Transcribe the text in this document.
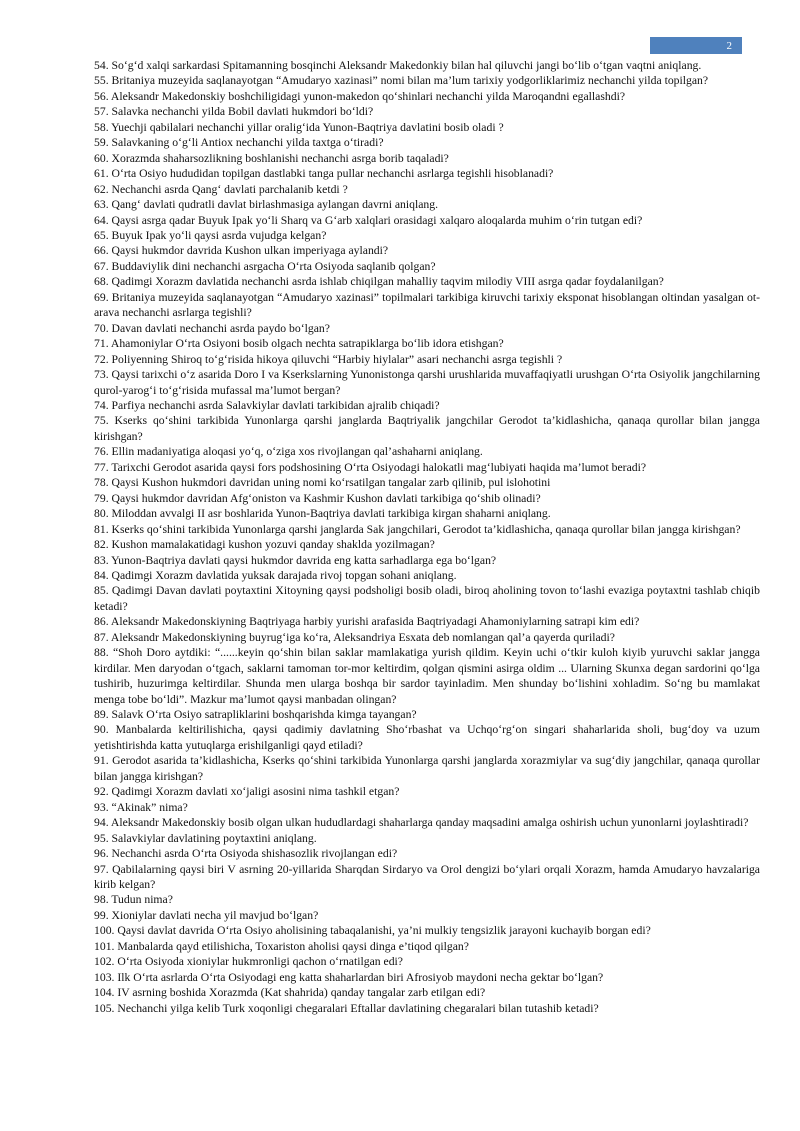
2

54. So‘g‘d xalqi sarkardasi Spitamanning bosqinchi Aleksandr Makedonkiy bilan hal qiluvchi jangi bo‘lib o‘tgan vaqtni aniqlang.

55. Britaniya muzeyida saqlanayotgan “Amudaryo xazinasi” nomi bilan ma’lum tarixiy yodgorliklarimiz nechanchi yilda topilgan?

56. Aleksandr Makedonskiy boshchiligidagi yunon-makedon qo‘shinlari nechanchi yilda Maroqandni egallashdi?

57. Salavka nechanchi yilda Bobil davlati hukmdori bo‘ldi?

58. Yuechji qabilalari nechanchi yillar oralig‘ida Yunon-Baqtriya davlatini bosib oladi ?

59. Salavkaning o‘g‘li Antiox nechanchi yilda taxtga o‘tiradi?

60. Xorazmda shaharsozlikning boshlanishi nechanchi asrga borib taqaladi?

61. O‘rta Osiyo hududidan topilgan dastlabki tanga pullar nechanchi asrlarga tegishli hisoblanadi?

62. Nechanchi asrda Qang‘ davlati parchalanib ketdi ?

63. Qang‘ davlati qudratli davlat birlashmasiga aylangan davrni aniqlang.

64. Qaysi asrga qadar Buyuk Ipak yo‘li Sharq va G‘arb xalqlari orasidagi xalqaro aloqalarda muhim o‘rin tutgan edi?

65. Buyuk Ipak yo‘li qaysi asrda vujudga kelgan?

66. Qaysi hukmdor davrida Kushon ulkan imperiyaga aylandi?

67. Buddaviylik dini nechanchi asrgacha O‘rta Osiyoda saqlanib qolgan?

68. Qadimgi Xorazm davlatida nechanchi asrda ishlab chiqilgan mahalliy taqvim milodiy VIII asrga qadar foydalanilgan?

69. Britaniya muzeyida saqlanayotgan “Amudaryo xazinasi” topilmalari tarkibiga kiruvchi tarixiy eksponat hisoblangan oltindan yasalgan ot-arava nechanchi asrlarga tegishli?

70. Davan davlati nechanchi asrda paydo bo‘lgan?

71. Ahamoniylar O‘rta Osiyoni bosib olgach nechta satrapiklarga bo‘lib idora etishgan?

72. Poliyenning Shiroq to‘g‘risida hikoya qiluvchi “Harbiy hiylalar” asari nechanchi asrga tegishli ?

73. Qaysi tarixchi o‘z asarida Doro I va Kserkslarning Yunonistonga qarshi urushlarida muvaffaqiyatli urushgan O‘rta Osiyolik jangchilarning qurol-yarog‘i to‘g‘risida mufassal ma’lumot bergan?

74. Parfiya nechanchi asrda Salavkiylar davlati tarkibidan ajralib chiqadi?

75. Kserks qo‘shini tarkibida Yunonlarga qarshi janglarda Baqtriyalik jangchilar Gerodot ta’kidlashicha, qanaqa qurollar bilan jangga kirishgan?

76. Ellin madaniyatiga aloqasi yo‘q, o‘ziga xos rivojlangan qal’ashaharni aniqlang.

77. Tarixchi Gerodot asarida qaysi fors podshosining O‘rta Osiyodagi halokatli mag‘lubiyati haqida ma’lumot beradi?

78. Qaysi Kushon hukmdori davridan uning nomi ko‘rsatilgan tangalar zarb qilinib, pul islohotini

79. Qaysi hukmdor davridan Afg‘oniston va Kashmir Kushon davlati tarkibiga qo‘shib olinadi?

80. Miloddan avvalgi II asr boshlarida Yunon-Baqtriya davlati tarkibiga kirgan shaharni aniqlang.

81. Kserks qo‘shini tarkibida Yunonlarga qarshi janglarda Sak jangchilari, Gerodot ta’kidlashicha, qanaqa qurollar bilan jangga kirishgan?

82. Kushon mamalakatidagi kushon yozuvi qanday shaklda yozilmagan?

83. Yunon-Baqtriya davlati qaysi hukmdor davrida eng katta sarhadlarga ega bo‘lgan?

84. Qadimgi Xorazm davlatida yuksak darajada rivoj topgan sohani aniqlang.

85. Qadimgi Davan davlati poytaxtini Xitoyning qaysi podsholigi bosib oladi, biroq aholining tovon to‘lashi evaziga poytaxtni tashlab chiqib ketadi?

86. Aleksandr Makedonskiyning Baqtriyaga harbiy yurishi arafasida Baqtriyadagi Ahamoniylarning satrapi kim edi?

87. Aleksandr Makedonskiyning buyrug‘iga ko‘ra, Aleksandriya Esxata deb nomlangan qal’a qayerda quriladi?

88. “Shoh Doro aytdiki: “......keyin qo‘shin bilan saklar mamlakatiga yurish qildim. Keyin uchi o‘tkir kuloh kiyib yuruvchi saklar jangga kirdilar. Men daryodan o‘tgach, saklarni tamoman tor-mor keltirdim, qolgan qismini asirga oldim ... Ularning Skunxa degan sardorini qo‘lga tushirib, huzurimga keltirdilar. Shunda men ularga boshqa bir sardor tayinladim. Men shunday bo‘lishini xohladim. So‘ng bu mamlakat menga tobe bo‘ldi”. Mazkur ma’lumot qaysi manbadan olingan?

89. Salavk O‘rta Osiyo satrapliklarini boshqarishda kimga tayangan?

90. Manbalarda keltirilishicha, qaysi qadimiy davlatning Sho‘rbashat va Uchqo‘rg‘on singari shaharlarida sholi, bug‘doy va uzum yetishtirishda katta yutuqlarga erishilganligi qayd etiladi?

91. Gerodot asarida ta’kidlashicha, Kserks qo‘shini tarkibida Yunonlarga qarshi janglarda xorazmiylar va sug‘diy jangchilar, qanaqa qurollar bilan jangga kirishgan?

92. Qadimgi Xorazm davlati xo‘jaligi asosini nima tashkil etgan?

93. “Akinak” nima?

94. Aleksandr Makedonskiy bosib olgan ulkan hududlardagi shaharlarga qanday maqsadini amalga oshirish uchun yunonlarni joylashtiradi?

95. Salavkiylar davlatining poytaxtini aniqlang.

96. Nechanchi asrda O‘rta Osiyoda shishasozlik rivojlangan edi?

97. Qabilalarning qaysi biri V asrning 20-yillarida Sharqdan Sirdaryo va Orol dengizi bo‘ylari orqali Xorazm, hamda Amudaryo havzalariga kirib kelgan?

98. Tudun nima?

99. Xioniylar davlati necha yil mavjud bo‘lgan?

100. Qaysi davlat davrida O‘rta Osiyo aholisining tabaqalanishi, ya’ni mulkiy tengsizlik jarayoni kuchayib borgan edi?

101. Manbalarda qayd etilishicha, Toxariston aholisi qaysi dinga e’tiqod qilgan?

102. O‘rta Osiyoda xioniylar hukmronligi qachon o‘rnatilgan edi?

103. Ilk O‘rta asrlarda O‘rta Osiyodagi eng katta shaharlardan biri Afrosiyob maydoni necha gektar bo‘lgan?

104. IV asrning boshida Xorazmda (Kat shahrida) qanday tangalar zarb etilgan edi?

105. Nechanchi yilga kelib Turk xoqonligi chegaralari Eftallar davlatining chegaralari bilan tutashib ketadi?
